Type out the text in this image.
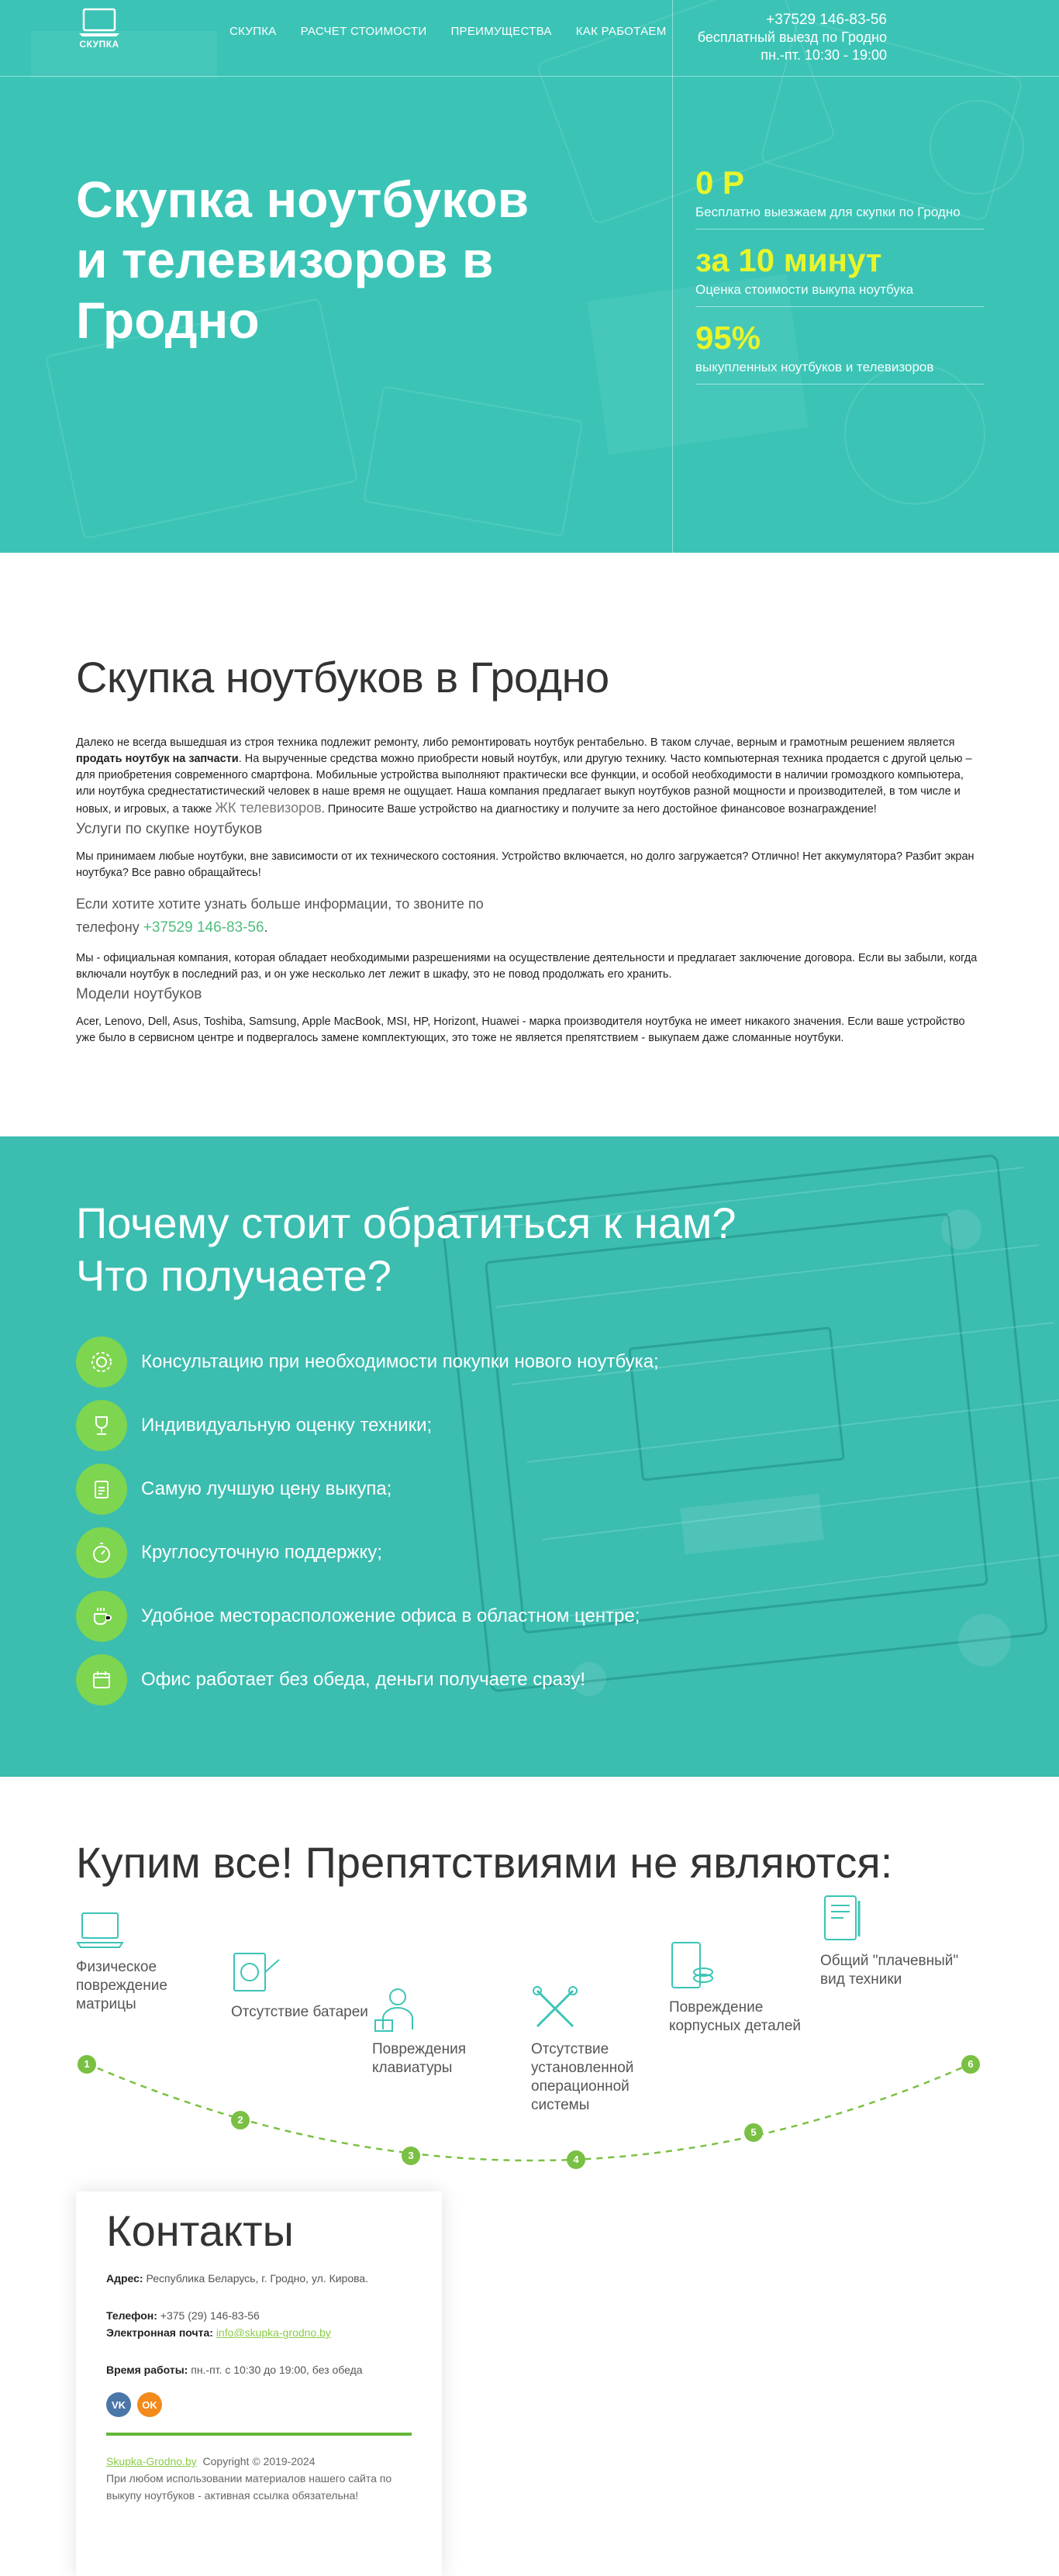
СКУПКА
СКУПКА РАСЧЕТ СТОИМОСТИ ПРЕИМУЩЕСТВА КАК РАБОТАЕМ
+37529 146-83-56
бесплатный выезд по Гродно
пн.-пт. 10:30 - 19:00
Скупка ноутбуков
и телевизоров в
Гродно
0 Р
Бесплатно выезжаем для скупки по Гродно
за 10 минут
Оценка стоимости выкупа ноутбука
95%
выкупленных ноутбуков и телевизоров
Скупка ноутбуков в Гродно

Далеко не всегда вышедшая из строя техника подлежит ремонту, либо ремонтировать ноутбук рентабельно. В таком случае, верным и грамотным решением является продать ноутбук на запчасти. На вырученные средства можно приобрести новый ноутбук, или другую технику. Часто компьютерная техника продается с другой целью – для приобретения современного смартфона. Мобильные устройства выполняют практически все функции, и особой необходимости в наличии громоздкого компьютера, или ноутбука среднестатистический человек в наше время не ощущает. Наша компания предлагает выкуп ноутбуков разной мощности и производителей, в том числе и новых, и игровых, а также ЖК телевизоров. Приносите Ваше устройство на диагностику и получите за него достойное финансовое вознаграждение!

Услуги по скупке ноутбуков

Мы принимаем любые ноутбуки, вне зависимости от их технического состояния. Устройство включается, но долго загружается? Отлично! Нет аккумулятора? Разбит экран ноутбука? Все равно обращайтесь!

Если хотите хотите узнать больше информации, то звоните по телефону +37529 146-83-56.

Мы - официальная компания, которая обладает необходимыми разрешениями на осуществление деятельности и предлагает заключение договора. Если вы забыли, когда включали ноутбук в последний раз, и он уже несколько лет лежит в шкафу, это не повод продолжать его хранить.

Модели ноутбуков

Acer, Lenovo, Dell, Asus, Toshiba, Samsung, Apple MacBook, MSI, HP, Horizont, Huawei - марка производителя ноутбука не имеет никакого значения. Если ваше устройство уже было в сервисном центре и подвергалось замене комплектующих, это тоже не является препятствием - выкупаем даже сломанные ноутбуки.

Почему стоит обратиться к нам?
Что получаете?
Консультацию при необходимости покупки нового ноутбука;
Индивидуальную оценку техники;
Самую лучшую цену выкупа;
Круглосуточную поддержку;
Удобное месторасположение офиса в областном центре;
Офис работает без обеда, деньги получаете сразу!
Купим все! Препятствиями не являются:
Физическое повреждение матрицы	Отсутствие батареи
Повреждения клавиатуры
Отсутствие установленной операционной системы
Повреждение корпусных деталей
Общий "плачевный" вид техники
1
2
3	4
5
6
Контакты
Адрес: Республика Беларусь, г. Гродно, ул. Кирова.
Телефон: +375 (29) 146-83-56
Электронная почта: info@skupka-grodno.by
Время работы: пн.-пт. с 10:30 до 19:00, без обеда
VK	OK
Skupka-Grodno.by Copyright © 2019-2024
При любом использовании материалов нашего сайта по выкупу ноутбуков - активная ссылка обязательна!
